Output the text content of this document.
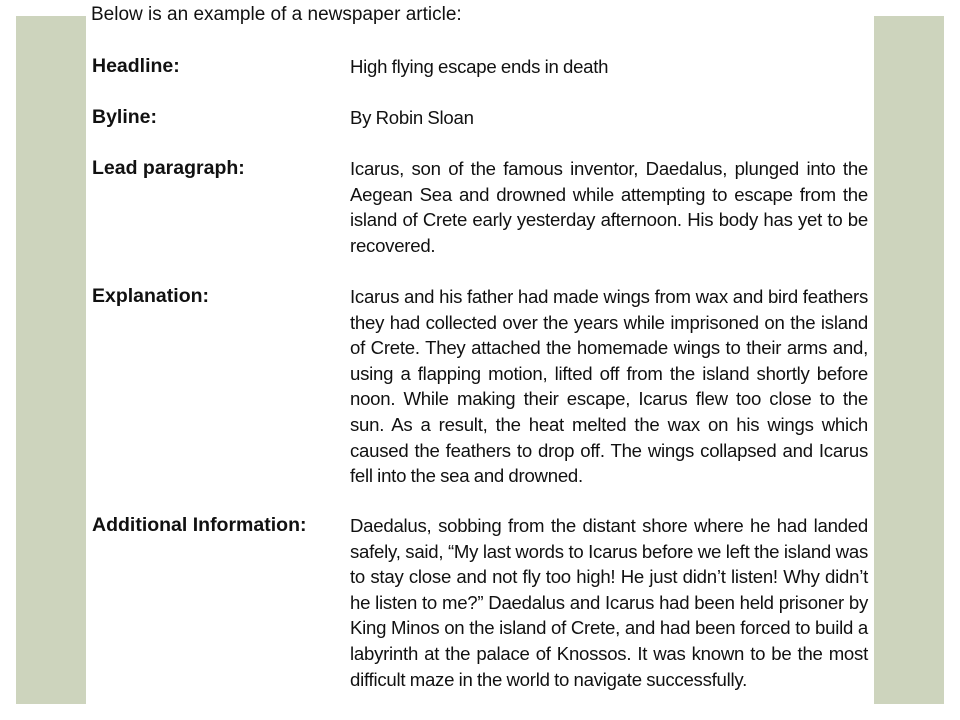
Below is an example of a newspaper article:
Headline:	High flying escape ends in death
Byline:	By Robin Sloan
Lead paragraph:	Icarus, son of the famous inventor, Daedalus, plunged into the Aegean Sea and drowned while attempting to escape from the island of Crete early yesterday afternoon. His body has yet to be recovered.
Explanation:	Icarus and his father had made wings from wax and bird feathers they had collected over the years while imprisoned on the island of Crete. They attached the homemade wings to their arms and, using a flapping motion, lifted off from the island shortly before noon. While making their escape, Icarus flew too close to the sun. As a result, the heat melted the wax on his wings which caused the feathers to drop off. The wings collapsed and Icarus fell into the sea and drowned.
Additional Information: Daedalus, sobbing from the distant shore where he had landed safely, said, “My last words to Icarus before we left the island was to stay close and not fly too high! He just didn’t listen! Why didn’t he listen to me?” Daedalus and Icarus had been held prisoner by King Minos on the island of Crete, and had been forced to build a labyrinth at the palace of Knossos. It was known to be the most difficult maze in the world to navigate successfully.
